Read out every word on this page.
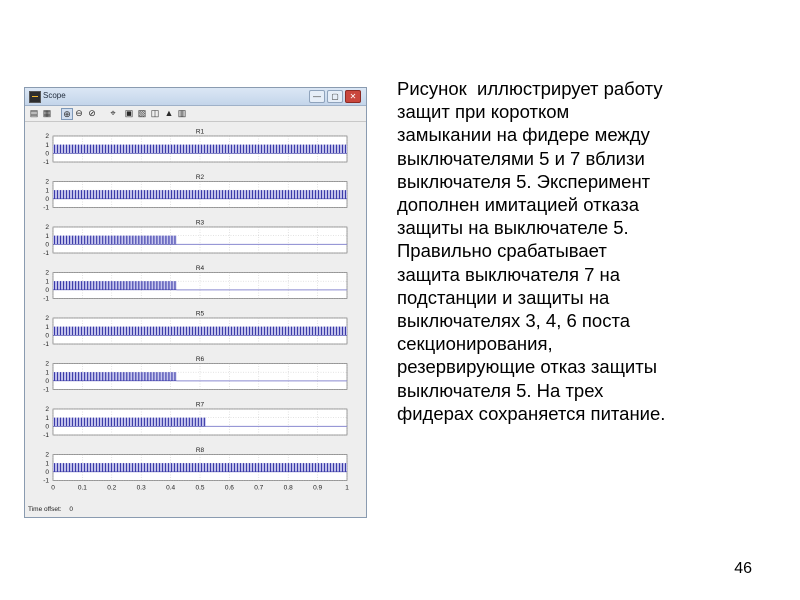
Scope	—	▢	✕
▤ ▦ ⊕ ⊖ ⊘ ⌖ ▣ ▧ ◫ ▲ ▥
R1
2
1
0
-1
R2
2
1
0
-1
R3
2
1
0
-1
R4
2
1
0
-1
R5
2
1
0
-1
R6
2
1
0
-1
R7
2
1
0
-1
R8
2
1
0
-1
0	0.1	0.2	0.3	0.4	0.5	0.6	0.7	0.8	0.9	1
Time offset: 0

Рисунок  иллюстрирует работу
защит при коротком
замыкании на фидере между
выключателями 5 и 7 вблизи
выключателя 5. Эксперимент
дополнен имитацией отказа
защиты на выключателе 5.
Правильно срабатывает
защита выключателя 7 на
подстанции и защиты на
выключателях 3, 4, 6 поста
секционирования,
резервирующие отказ защиты
выключателя 5. На трех
фидерах сохраняется питание.

46
